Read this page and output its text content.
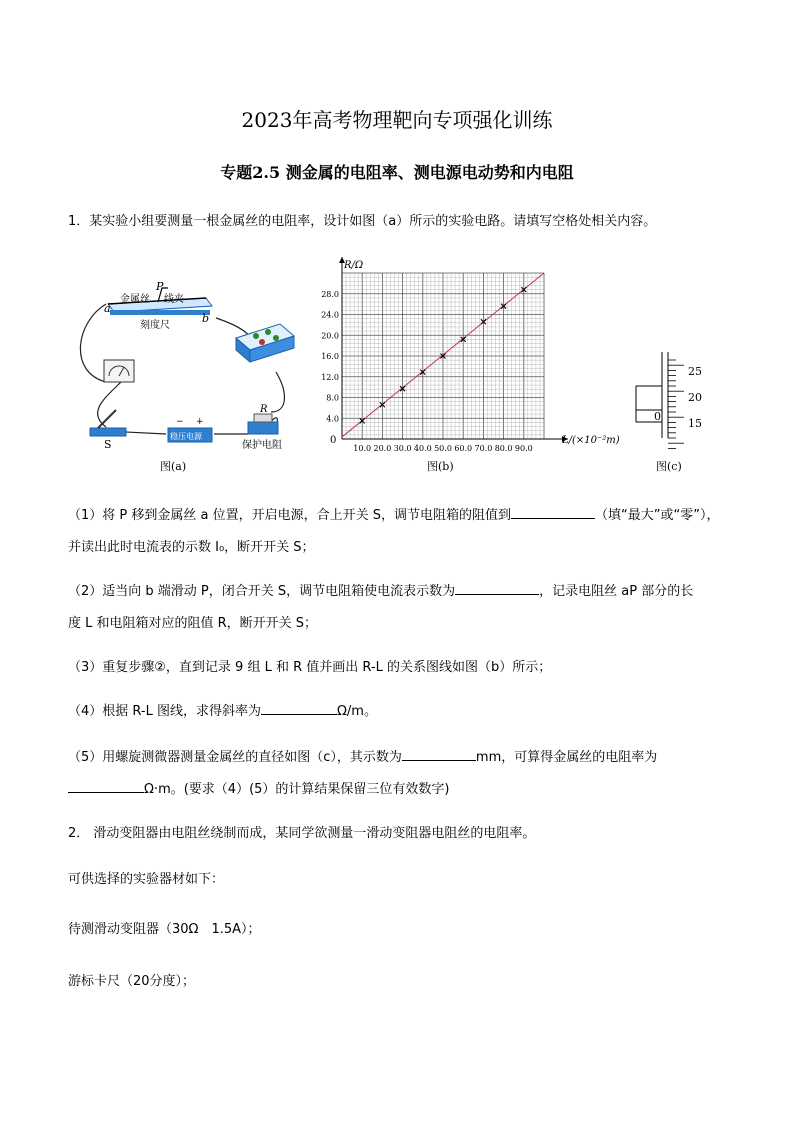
2023年高考物理靶向专项强化训练
专题2.5 测金属的电阻率、测电源电动势和内电阻
1．某实验小组要测量一根金属丝的电阻率，设计如图（a）所示的实验电路。请填写空格处相关内容。
金属丝
P
线夹
a
b
刻度尺
S
稳压电源
− +
R
保护电阻
图(a)
10.0 20.0 30.0 40.0 50.0 60.0 70.0 80.0 90.0
4.0
8.0
12.0
16.0
20.0
24.0
28.0
R/Ω
L/(×10⁻²m)
0
图(b)
25
20
15
0
图(c)
（1）将 P 移到金属丝 a 位置，开启电源，合上开关 S，调节电阻箱的阻值到	（填“最大”或“零”），
并读出此时电流表的示数 I₀，断开开关 S；
（2）适当向 b 端滑动 P，闭合开关 S，调节电阻箱使电流表示数为	，记录电阻丝 aP 部分的长
度 L 和电阻箱对应的阻值 R，断开开关 S；
（3）重复步骤②，直到记录 9 组 L 和 R 值并画出 R-L 的关系图线如图（b）所示；
（4）根据 R-L 图线，求得斜率为	Ω/m。
（5）用螺旋测微器测量金属丝的直径如图（c），其示数为	mm，可算得金属丝的电阻率为
Ω·m。(要求（4）(5）的计算结果保留三位有效数字)
2． 滑动变阻器由电阻丝绕制而成，某同学欲测量一滑动变阻器电阻丝的电阻率。
可供选择的实验器材如下：
待测滑动变阻器（30Ω　1.5A）；
游标卡尺（20分度）；
